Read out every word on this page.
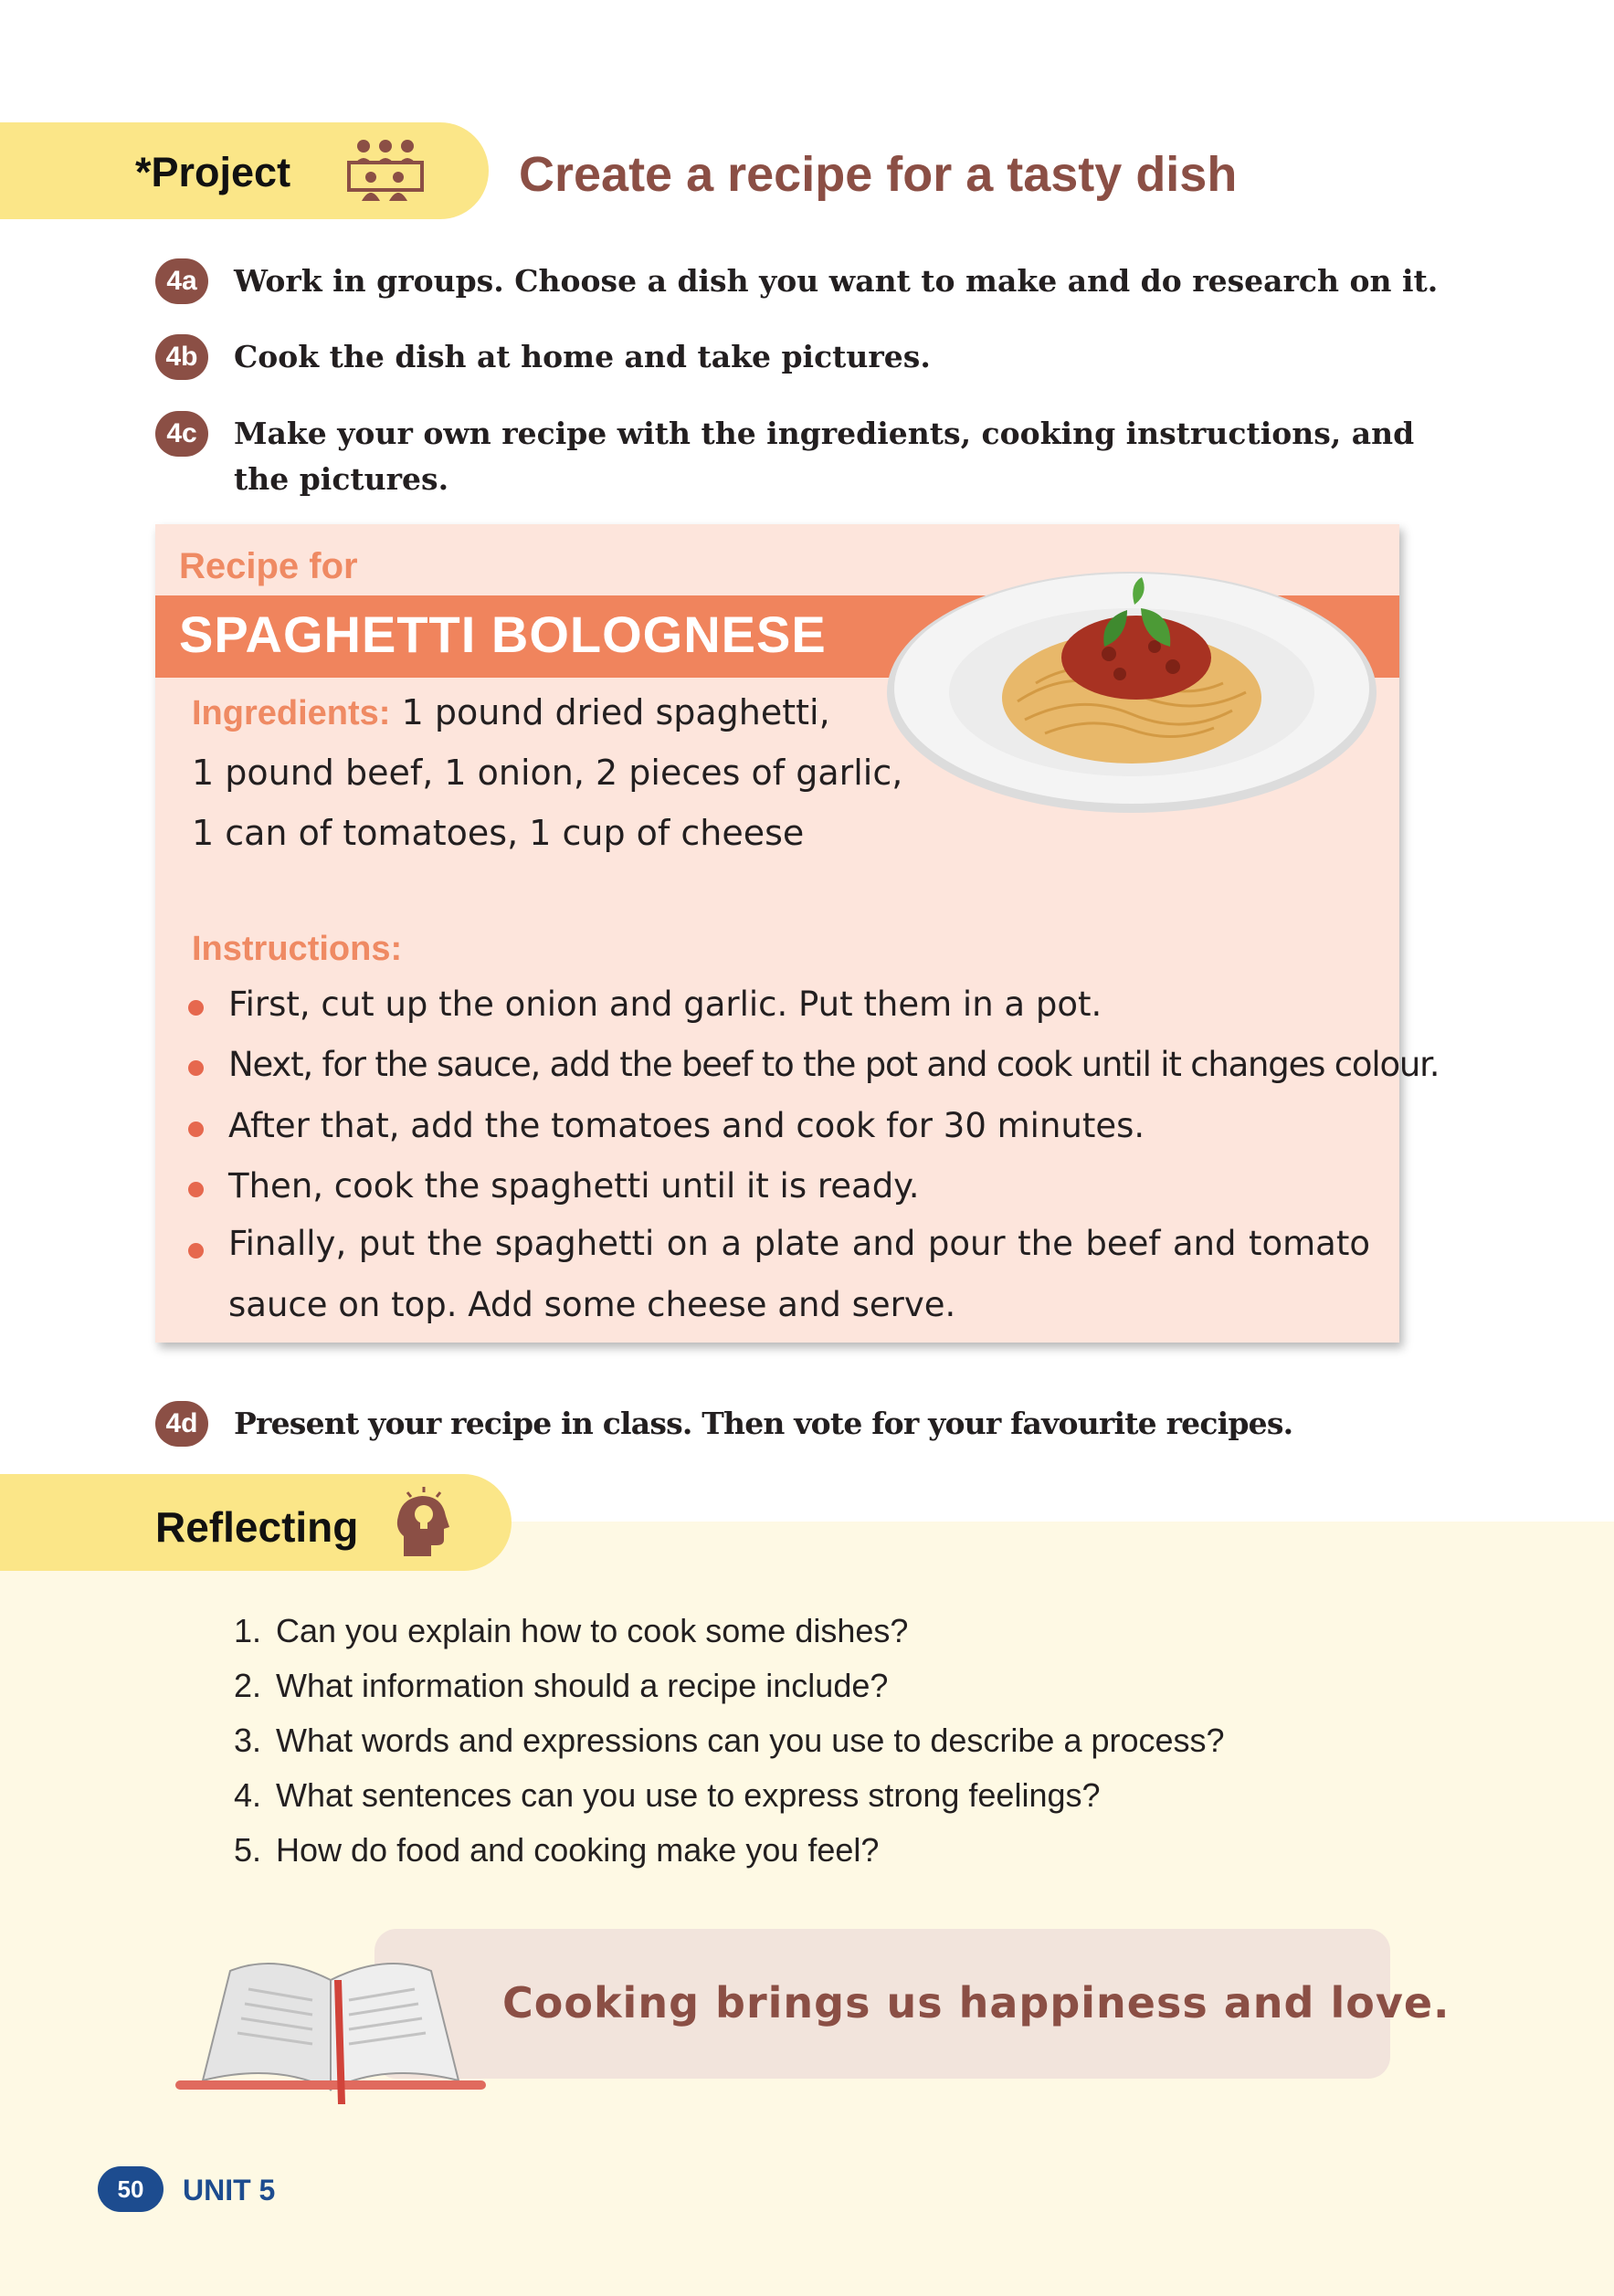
*Project	Create a recipe for a tasty dish
4a	Work in groups. Choose a dish you want to make and do research on it.
4b	Cook the dish at home and take pictures.
4c	Make your own recipe with the ingredients, cooking instructions, and the pictures.
Recipe for
SPAGHETTI BOLOGNESE
Ingredients: 1 pound dried spaghetti,
1 pound beef, 1 onion, 2 pieces of garlic,
1 can of tomatoes, 1 cup of cheese
Instructions:
First, cut up the onion and garlic. Put them in a pot.
Next, for the sauce, add the beef to the pot and cook until it changes colour.
After that, add the tomatoes and cook for 30 minutes.
Then, cook the spaghetti until it is ready.
Finally, put the spaghetti on a plate and pour the beef and tomato sauce on top. Add some cheese and serve.
4d	Present your recipe in class. Then vote for your favourite recipes.
Reflecting
1. Can you explain how to cook some dishes?
2. What information should a recipe include?
3. What words and expressions can you use to describe a process?
4. What sentences can you use to express strong feelings?
5. How do food and cooking make you feel?
Cooking brings us happiness and love.
50	UNIT 5
